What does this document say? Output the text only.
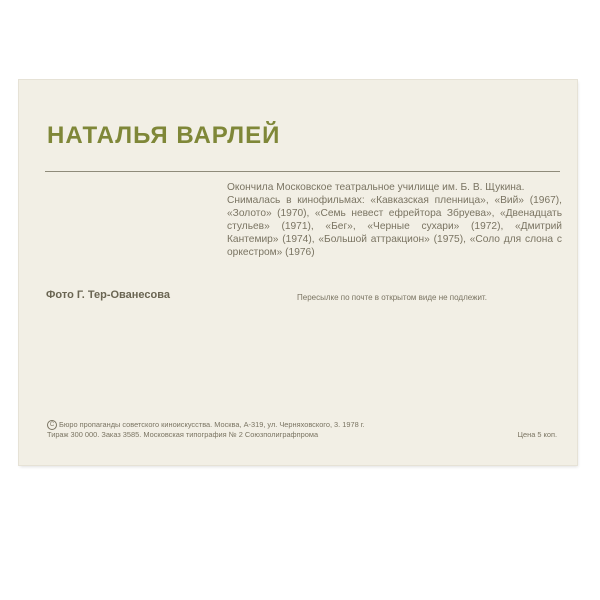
НАТАЛЬЯ ВАРЛЕЙ

Окончила Московское театральное училище им. Б. В. Щукина.

Снималась в кинофильмах: «Кавказская пленница», «Вий» (1967), «Золото» (1970), «Семь невест ефрейтора Збруева», «Двенадцать стульев» (1971), «Бег», «Черные сухари» (1972), «Дмитрий Кантемир» (1974), «Большой аттракцион» (1975), «Соло для слона с оркестром» (1976)

Фото Г. Тер-Ованесова	Пересылке по почте в открытом виде не подлежит.
C Бюро пропаганды советского киноискусства. Москва, А-319, ул. Черняховского, 3. 1978 г.
Тираж 300 000. Заказ 3585. Московская типография № 2 Союзполиграфпрома	Цена 5 коп.
